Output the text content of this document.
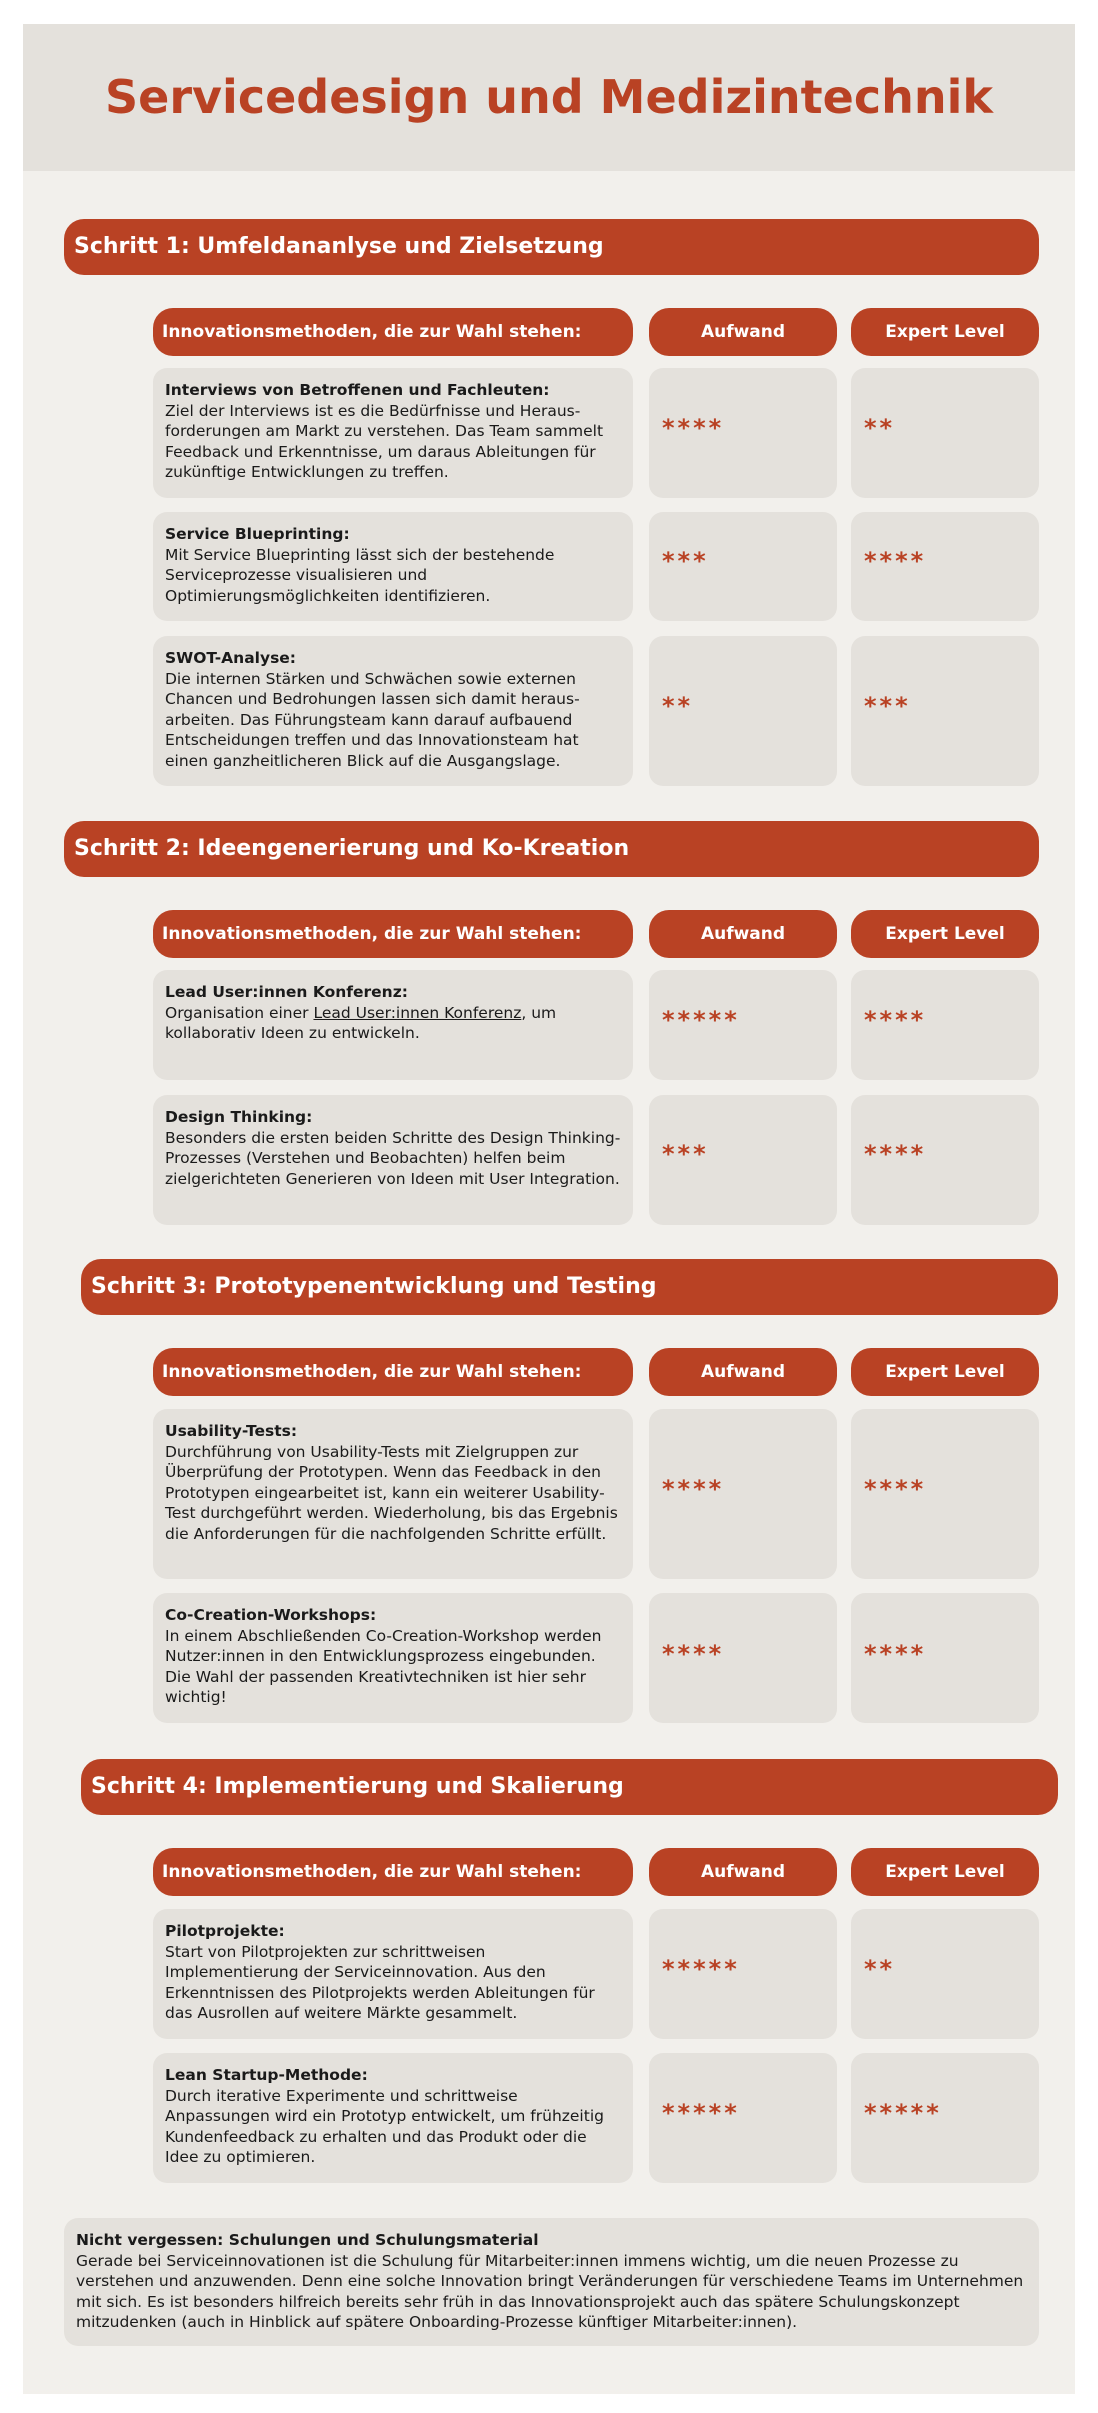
Servicedesign und Medizintechnik
Schritt 1: Umfeldananlyse und Zielsetzung
Innovationsmethoden, die zur Wahl stehen:	Aufwand	Expert Level
Interviews von Betroffenen und Fachleuten:
Ziel der Interviews ist es die Bedürfnisse und Heraus-forderungen am Markt zu verstehen. Das Team sammelt Feedback und Erkenntnisse, um daraus Ableitungen für zukünftige Entwicklungen zu treffen.
****	**
Service Blueprinting:
Mit Service Blueprinting lässt sich der bestehende Serviceprozesse visualisieren und Optimierungsmöglichkeiten identifizieren.
***	****
SWOT-Analyse:
Die internen Stärken und Schwächen sowie externen Chancen und Bedrohungen lassen sich damit heraus-arbeiten. Das Führungsteam kann darauf aufbauend Entscheidungen treffen und das Innovationsteam hat einen ganzheitlicheren Blick auf die Ausgangslage.
**	***
Schritt 2: Ideengenerierung und Ko-Kreation
Innovationsmethoden, die zur Wahl stehen:	Aufwand	Expert Level
Lead User:innen Konferenz:
Organisation einer Lead User:innen Konferenz, um kollaborativ Ideen zu entwickeln.	*****	****
Design Thinking:
Besonders die ersten beiden Schritte des Design Thinking-Prozesses (Verstehen und Beobachten) helfen beim zielgerichteten Generieren von Ideen mit User Integration.
***	****
Schritt 3: Prototypenentwicklung und Testing
Innovationsmethoden, die zur Wahl stehen:	Aufwand	Expert Level
Usability-Tests:
Durchführung von Usability-Tests mit Zielgruppen zur Überprüfung der Prototypen. Wenn das Feedback in den Prototypen eingearbeitet ist, kann ein weiterer Usability-Test durchgeführt werden. Wiederholung, bis das Ergebnis die Anforderungen für die nachfolgenden Schritte erfüllt.
****	****
Co-Creation-Workshops:
In einem Abschließenden Co-Creation-Workshop werden Nutzer:innen in den Entwicklungsprozess eingebunden. Die Wahl der passenden Kreativtechniken ist hier sehr wichtig!
****	****
Schritt 4: Implementierung und Skalierung
Innovationsmethoden, die zur Wahl stehen:	Aufwand	Expert Level
Pilotprojekte:
Start von Pilotprojekten zur schrittweisen Implementierung der Serviceinnovation. Aus den Erkenntnissen des Pilotprojekts werden Ableitungen für das Ausrollen auf weitere Märkte gesammelt.
*****	**
Lean Startup-Methode:
Durch iterative Experimente und schrittweise Anpassungen wird ein Prototyp entwickelt, um frühzeitig Kundenfeedback zu erhalten und das Produkt oder die Idee zu optimieren.
*****	*****
Nicht vergessen: Schulungen und Schulungsmaterial
Gerade bei Serviceinnovationen ist die Schulung für Mitarbeiter:innen immens wichtig, um die neuen Prozesse zu verstehen und anzuwenden. Denn eine solche Innovation bringt Veränderungen für verschiedene Teams im Unternehmen mit sich. Es ist besonders hilfreich bereits sehr früh in das Innovationsprojekt auch das spätere Schulungskonzept mitzudenken (auch in Hinblick auf spätere Onboarding-Prozesse künftiger Mitarbeiter:innen).
